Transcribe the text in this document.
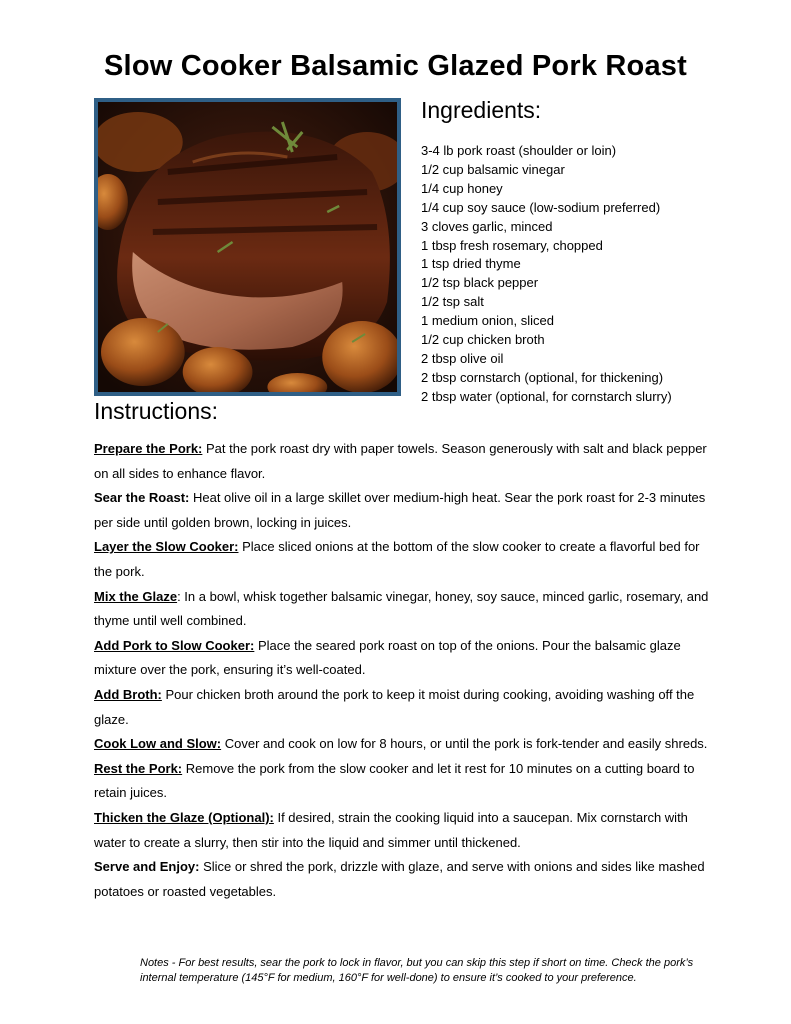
Slow Cooker Balsamic Glazed Pork Roast
Ingredients:
3-4 lb pork roast (shoulder or loin)
1/2 cup balsamic vinegar
1/4 cup honey
1/4 cup soy sauce (low-sodium preferred)
3 cloves garlic, minced
1 tbsp fresh rosemary, chopped
1 tsp dried thyme
1/2 tsp black pepper
1/2 tsp salt
1 medium onion, sliced
1/2 cup chicken broth
2 tbsp olive oil
2 tbsp cornstarch (optional, for thickening)
2 tbsp water (optional, for cornstarch slurry)
Instructions:
Prepare the Pork: Pat the pork roast dry with paper towels. Season generously with salt and black pepper on all sides to enhance flavor.
Sear the Roast: Heat olive oil in a large skillet over medium-high heat. Sear the pork roast for 2-3 minutes per side until golden brown, locking in juices.
Layer the Slow Cooker: Place sliced onions at the bottom of the slow cooker to create a flavorful bed for the pork.
Mix the Glaze: In a bowl, whisk together balsamic vinegar, honey, soy sauce, minced garlic, rosemary, and thyme until well combined.
Add Pork to Slow Cooker: Place the seared pork roast on top of the onions. Pour the balsamic glaze mixture over the pork, ensuring it’s well-coated.
Add Broth: Pour chicken broth around the pork to keep it moist during cooking, avoiding washing off the glaze.
Cook Low and Slow: Cover and cook on low for 8 hours, or until the pork is fork-tender and easily shreds.
Rest the Pork: Remove the pork from the slow cooker and let it rest for 10 minutes on a cutting board to retain juices.
Thicken the Glaze (Optional): If desired, strain the cooking liquid into a saucepan. Mix cornstarch with water to create a slurry, then stir into the liquid and simmer until thickened.
Serve and Enjoy: Slice or shred the pork, drizzle with glaze, and serve with onions and sides like mashed potatoes or roasted vegetables.

Notes - For best results, sear the pork to lock in flavor, but you can skip this step if short on time. Check the pork’s internal temperature (145°F for medium, 160°F for well-done) to ensure it’s cooked to your preference.
